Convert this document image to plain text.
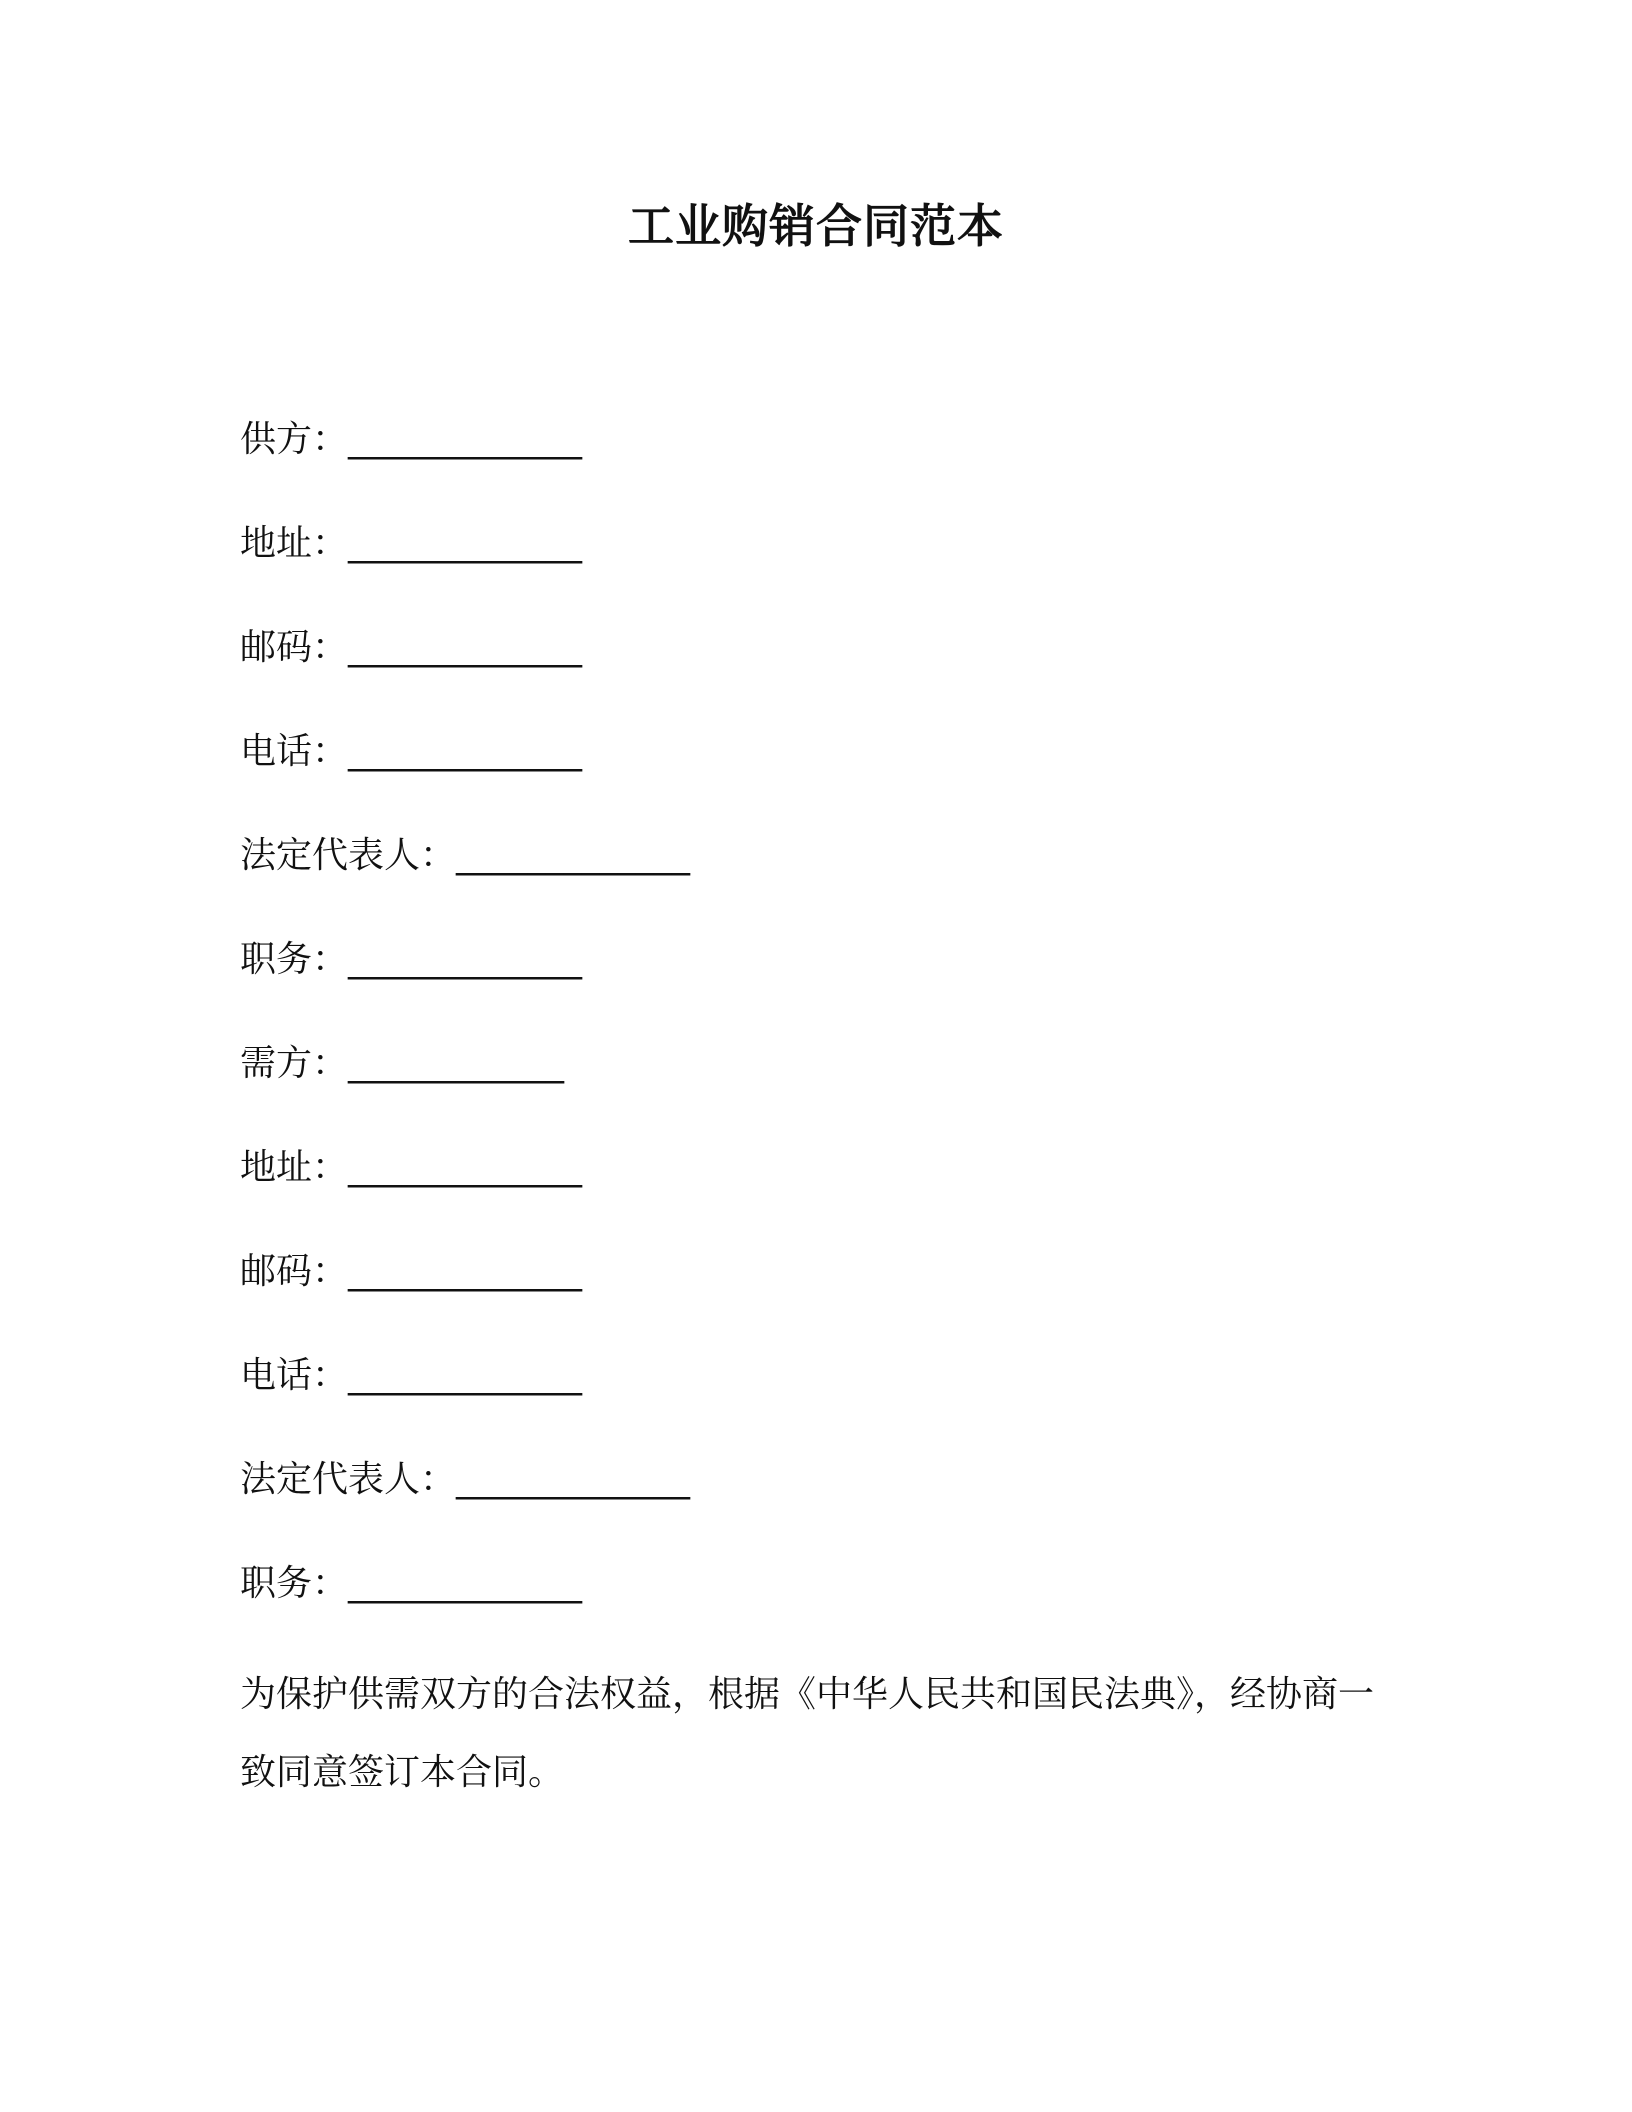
工业购销合同范本
供方：_____________
地址：_____________
邮码：_____________
电话：_____________
法定代表人：_____________
职务：_____________
需方：____________
地址：_____________
邮码：_____________
电话：_____________
法定代表人：_____________
职务：_____________
为保护供需双方的合法权益，根据《中华人民共和国民法典》，经协商一致同意签订本合同。
